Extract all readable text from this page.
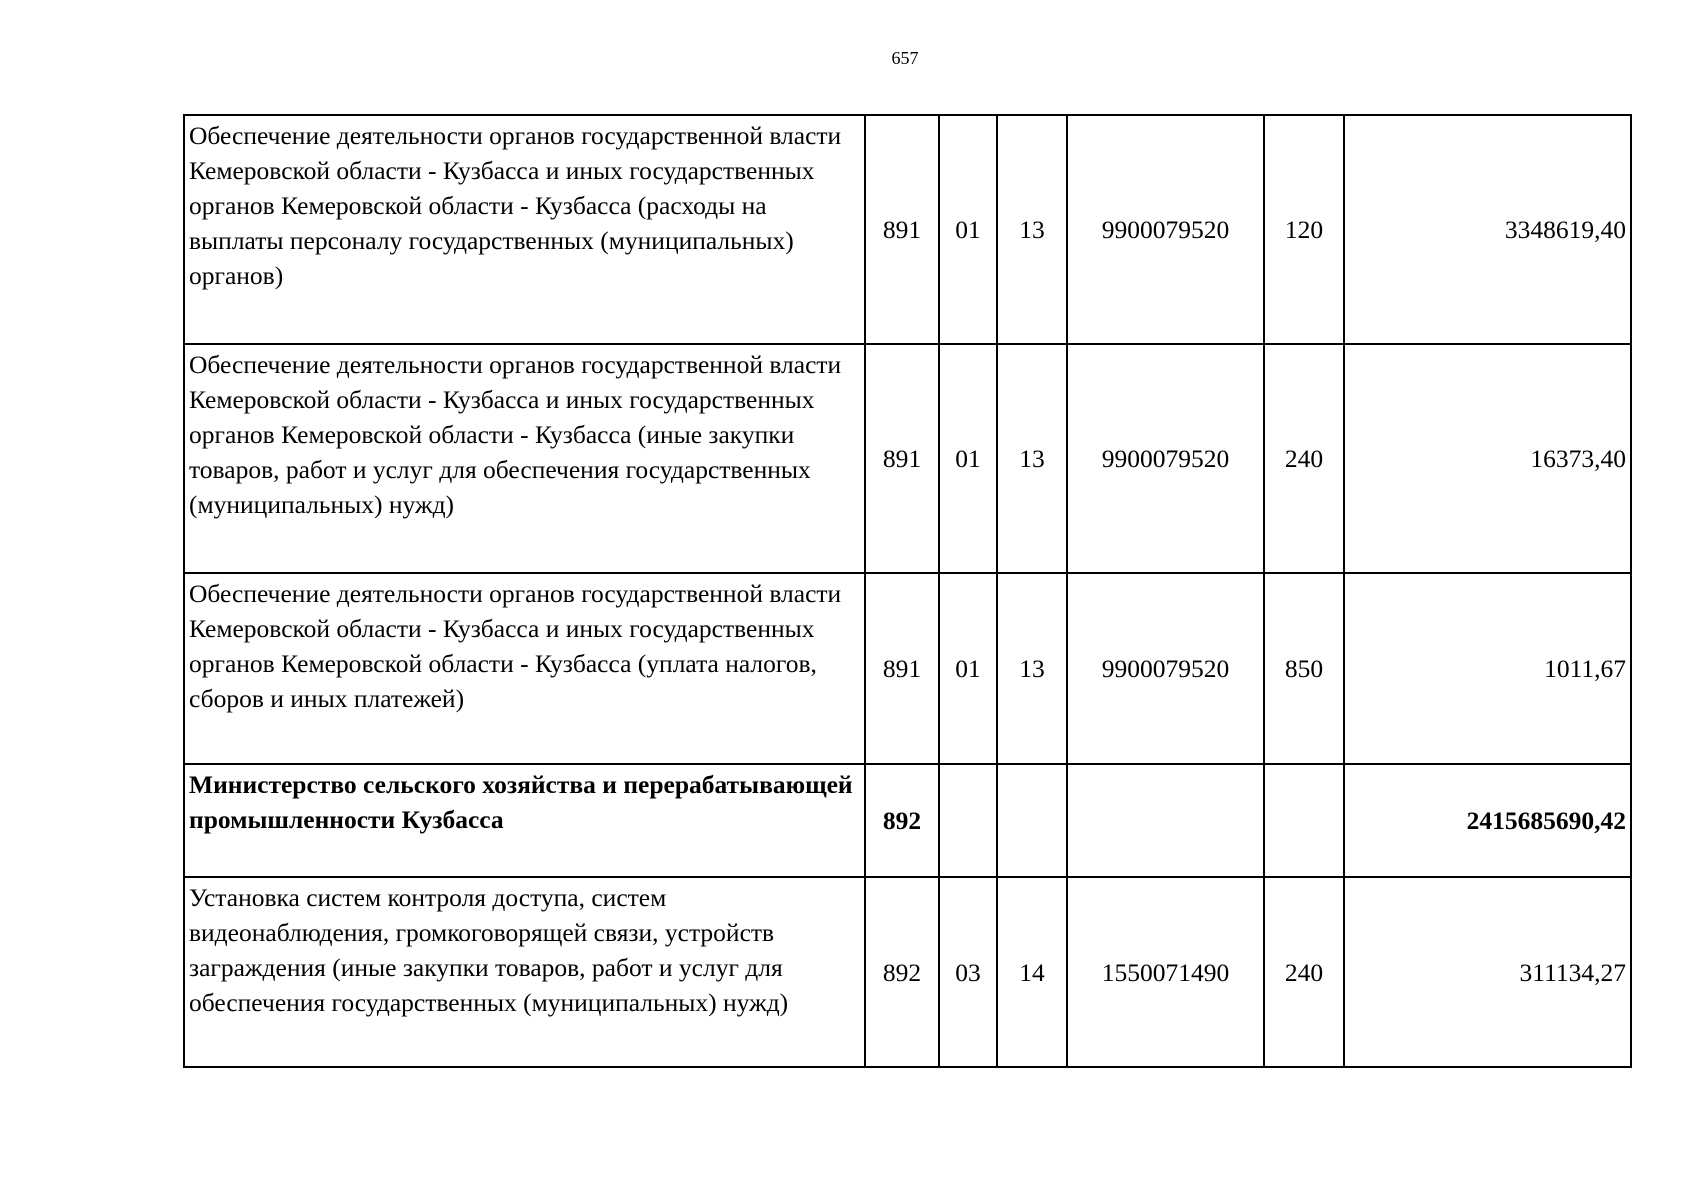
657
Обеспечение деятельности органов государственной власти Кемеровской области - Кузбасса и иных государственных органов Кемеровской области - Кузбасса (расходы на выплаты персоналу государственных (муниципальных) органов)	891	01	13	9900079520	120	3348619,40
Обеспечение деятельности органов государственной власти Кемеровской области - Кузбасса и иных государственных органов Кемеровской области - Кузбасса (иные закупки товаров, работ и услуг для обеспечения государственных (муниципальных) нужд)	891	01	13	9900079520	240	16373,40
Обеспечение деятельности органов государственной власти Кемеровской области - Кузбасса и иных государственных органов Кемеровской области - Кузбасса (уплата налогов, сборов и иных платежей)	891	01	13	9900079520	850	1011,67
Министерство сельского хозяйства и перерабатывающей промышленности Кузбасса	892					2415685690,42
Установка систем контроля доступа, систем видеонаблюдения, громкоговорящей связи, устройств заграждения (иные закупки товаров, работ и услуг для обеспечения государственных (муниципальных) нужд)	892	03	14	1550071490	240	311134,27
